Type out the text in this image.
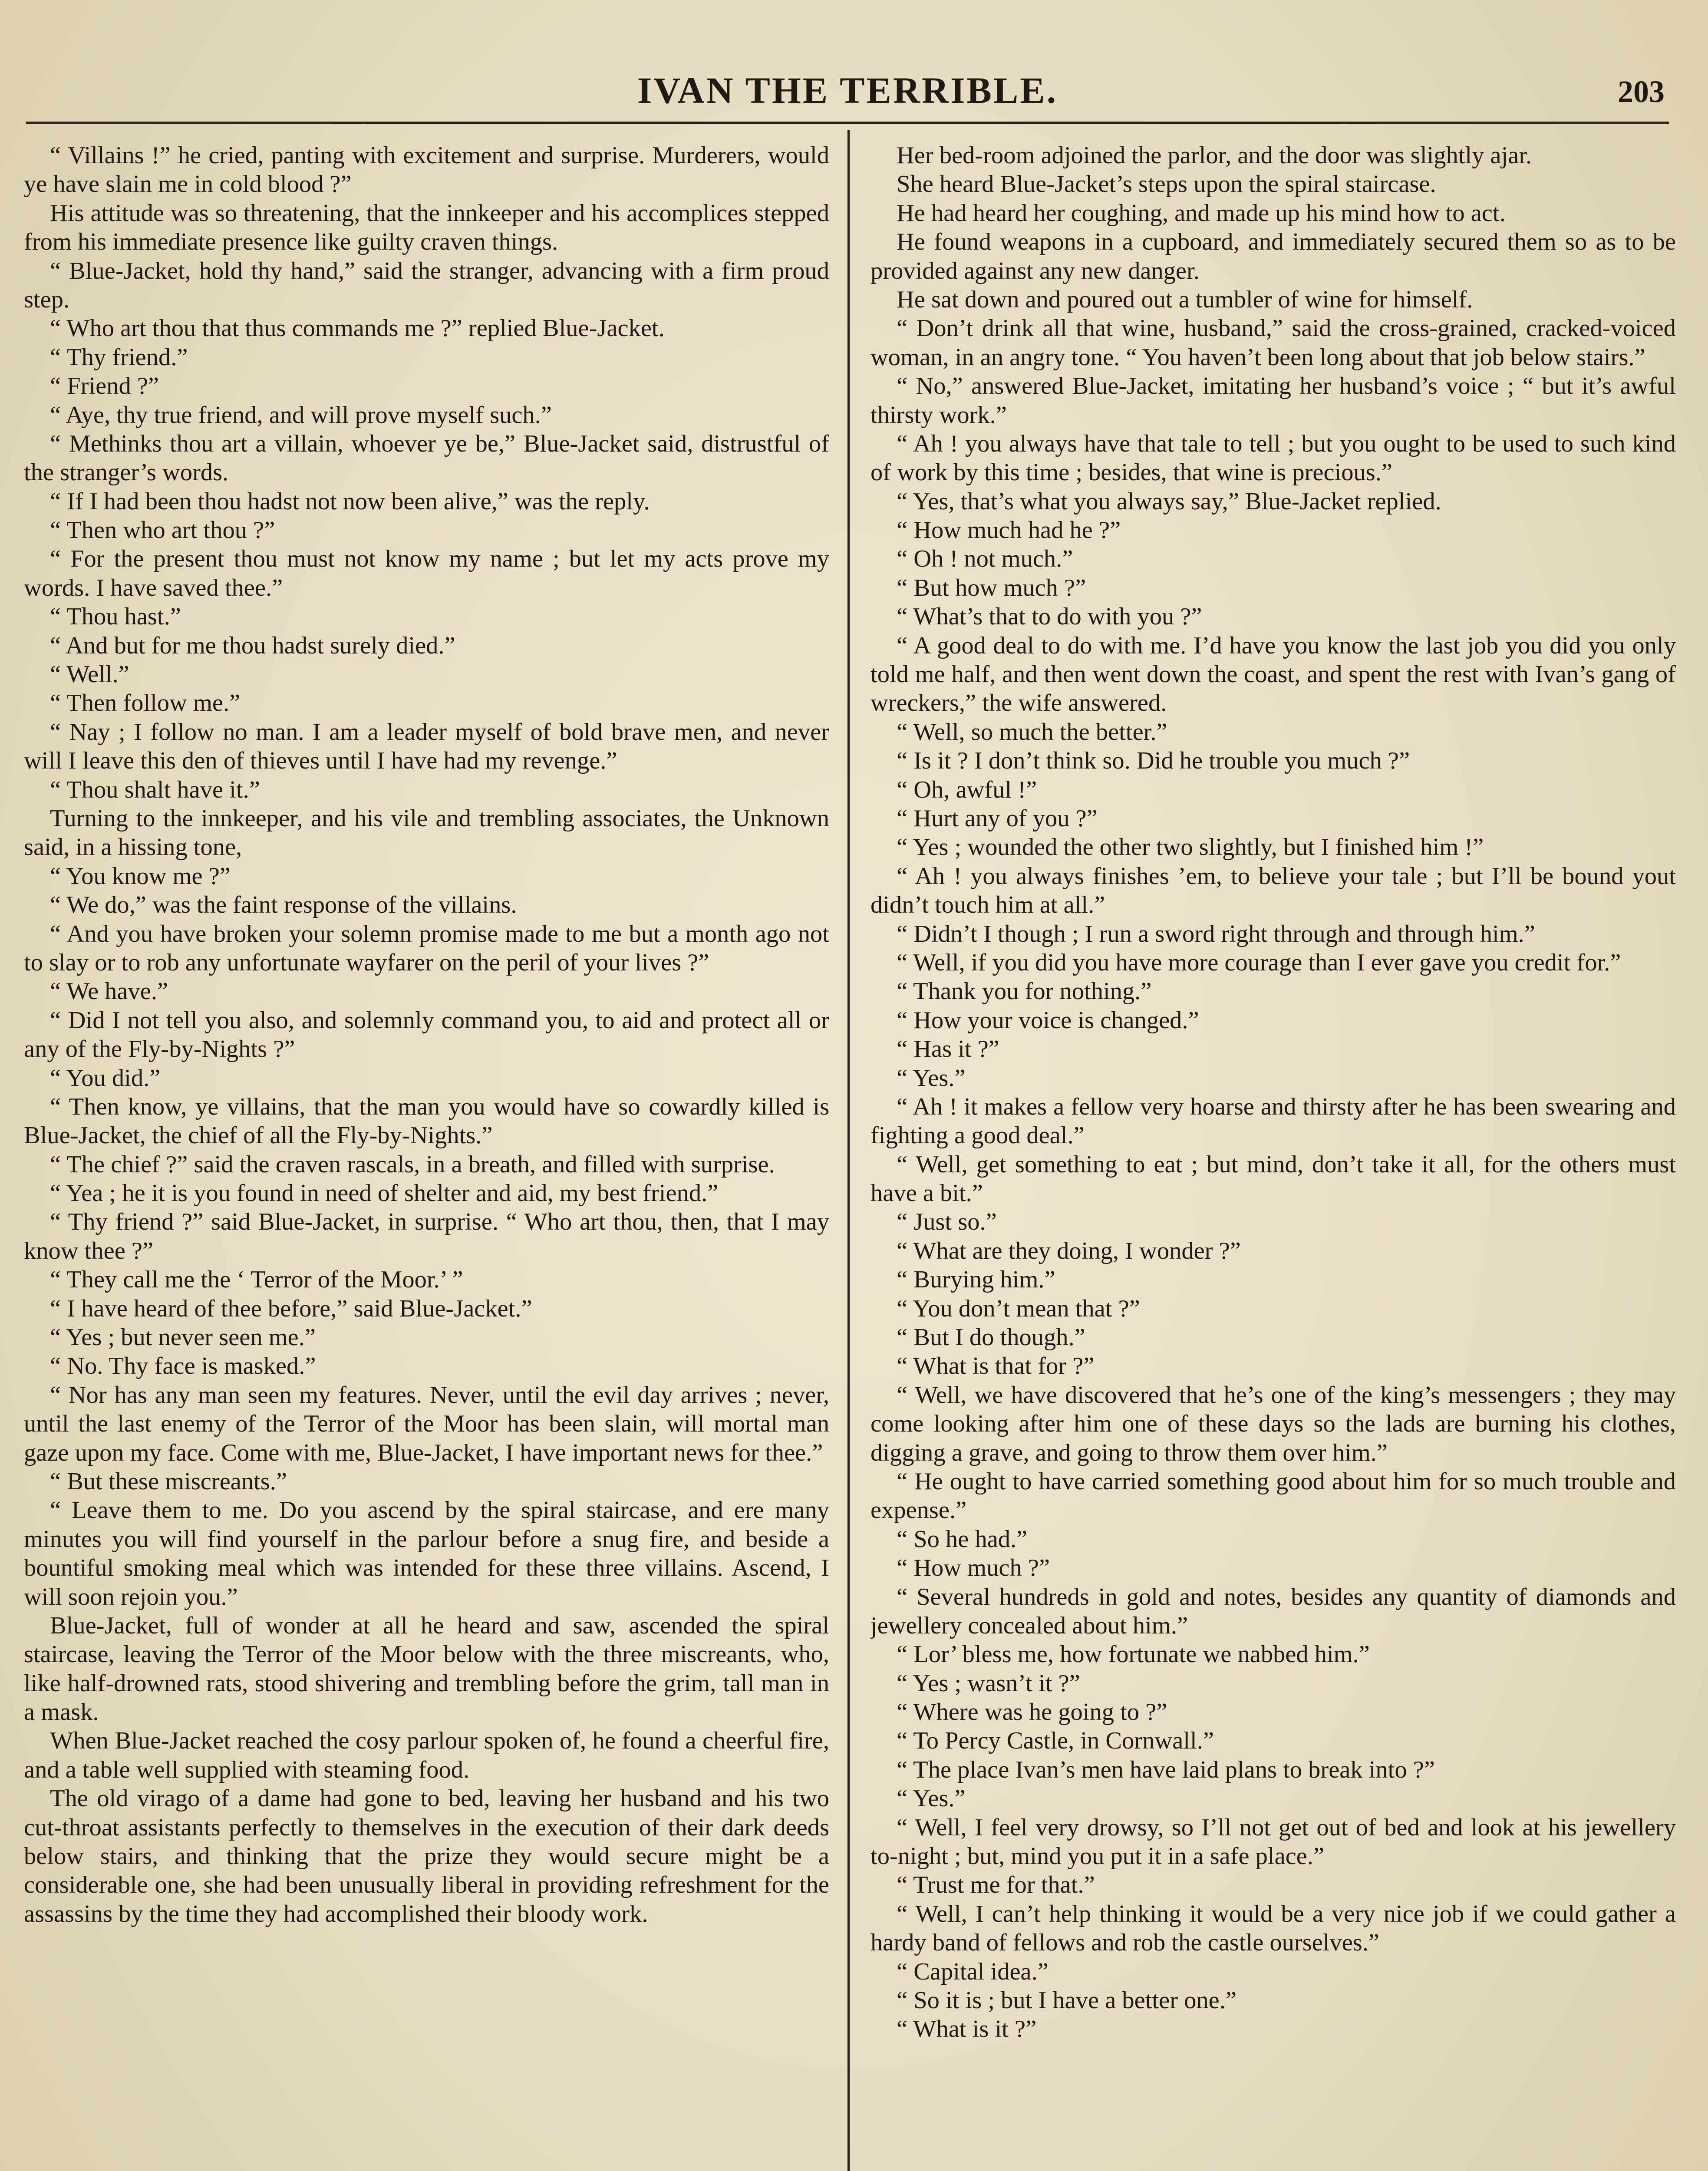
IVAN THE TERRIBLE.	203

“ Villains !” he cried, panting with excitement and surprise. Murderers, would ye have slain me in cold blood ?”

His attitude was so threatening, that the innkeeper and his accomplices stepped from his immediate presence like guilty craven things.

“ Blue-Jacket, hold thy hand,” said the stranger, advancing with a firm proud step.

“ Who art thou that thus commands me ?” replied Blue-Jacket.

“ Thy friend.”

“ Friend ?”

“ Aye, thy true friend, and will prove myself such.”

“ Methinks thou art a villain, whoever ye be,” Blue-Jacket said, distrustful of the stranger’s words.

“ If I had been thou hadst not now been alive,” was the reply.

“ Then who art thou ?”

“ For the present thou must not know my name ; but let my acts prove my words. I have saved thee.”

“ Thou hast.”

“ And but for me thou hadst surely died.”

“ Well.”

“ Then follow me.”

“ Nay ; I follow no man. I am a leader myself of bold brave men, and never will I leave this den of thieves until I have had my revenge.”

“ Thou shalt have it.”

Turning to the innkeeper, and his vile and trembling associates, the Unknown said, in a hissing tone,

“ You know me ?”

“ We do,” was the faint response of the villains.

“ And you have broken your solemn promise made to me but a month ago not to slay or to rob any unfortunate wayfarer on the peril of your lives ?”

“ We have.”

“ Did I not tell you also, and solemnly command you, to aid and protect all or any of the Fly-by-Nights ?”

“ You did.”

“ Then know, ye villains, that the man you would have so cowardly killed is Blue-Jacket, the chief of all the Fly-by-Nights.”

“ The chief ?” said the craven rascals, in a breath, and filled with surprise.

“ Yea ; he it is you found in need of shelter and aid, my best friend.”

“ Thy friend ?” said Blue-Jacket, in surprise. “ Who art thou, then, that I may know thee ?”

“ They call me the ‘ Terror of the Moor.’ ”

“ I have heard of thee before,” said Blue-Jacket.”

“ Yes ; but never seen me.”

“ No. Thy face is masked.”

“ Nor has any man seen my features. Never, until the evil day arrives ; never, until the last enemy of the Terror of the Moor has been slain, will mortal man gaze upon my face. Come with me, Blue-Jacket, I have important news for thee.”

“ But these miscreants.”

“ Leave them to me. Do you ascend by the spiral staircase, and ere many minutes you will find yourself in the parlour before a snug fire, and beside a bountiful smoking meal which was intended for these three villains. Ascend, I will soon rejoin you.”

Blue-Jacket, full of wonder at all he heard and saw, ascended the spiral staircase, leaving the Terror of the Moor below with the three miscreants, who, like half-drowned rats, stood shivering and trembling before the grim, tall man in a mask.

When Blue-Jacket reached the cosy parlour spoken of, he found a cheerful fire, and a table well supplied with steaming food.

The old virago of a dame had gone to bed, leaving her husband and his two cut-throat assistants perfectly to themselves in the execution of their dark deeds below stairs, and thinking that the prize they would secure might be a considerable one, she had been unusually liberal in providing refreshment for the assassins by the time they had accomplished their bloody work.

Her bed-room adjoined the parlor, and the door was slightly ajar.

She heard Blue-Jacket’s steps upon the spiral staircase.

He had heard her coughing, and made up his mind how to act.

He found weapons in a cupboard, and immediately secured them so as to be provided against any new danger.

He sat down and poured out a tumbler of wine for himself.

“ Don’t drink all that wine, husband,” said the cross-grained, cracked-voiced woman, in an angry tone. “ You haven’t been long about that job below stairs.”

“ No,” answered Blue-Jacket, imitating her husband’s voice ; “ but it’s awful thirsty work.”

“ Ah ! you always have that tale to tell ; but you ought to be used to such kind of work by this time ; besides, that wine is precious.”

“ Yes, that’s what you always say,” Blue-Jacket replied.

“ How much had he ?”

“ Oh ! not much.”

“ But how much ?”

“ What’s that to do with you ?”

“ A good deal to do with me. I’d have you know the last job you did you only told me half, and then went down the coast, and spent the rest with Ivan’s gang of wreckers,” the wife answered.

“ Well, so much the better.”

“ Is it ? I don’t think so. Did he trouble you much ?”

“ Oh, awful !”

“ Hurt any of you ?”

“ Yes ; wounded the other two slightly, but I finished him !”

“ Ah ! you always finishes ’em, to believe your tale ; but I’ll be bound yout didn’t touch him at all.”

“ Didn’t I though ; I run a sword right through and through him.”

“ Well, if you did you have more courage than I ever gave you credit for.”

“ Thank you for nothing.”

“ How your voice is changed.”

“ Has it ?”

“ Yes.”

“ Ah ! it makes a fellow very hoarse and thirsty after he has been swearing and fighting a good deal.”

“ Well, get something to eat ; but mind, don’t take it all, for the others must have a bit.”

“ Just so.”

“ What are they doing, I wonder ?”

“ Burying him.”

“ You don’t mean that ?”

“ But I do though.”

“ What is that for ?”

“ Well, we have discovered that he’s one of the king’s messengers ; they may come looking after him one of these days so the lads are burning his clothes, digging a grave, and going to throw them over him.”

“ He ought to have carried something good about him for so much trouble and expense.”

“ So he had.”

“ How much ?”

“ Several hundreds in gold and notes, besides any quantity of diamonds and jewellery concealed about him.”

“ Lor’ bless me, how fortunate we nabbed him.”

“ Yes ; wasn’t it ?”

“ Where was he going to ?”

“ To Percy Castle, in Cornwall.”

“ The place Ivan’s men have laid plans to break into ?”

“ Yes.”

“ Well, I feel very drowsy, so I’ll not get out of bed and look at his jewellery to-night ; but, mind you put it in a safe place.”

“ Trust me for that.”

“ Well, I can’t help thinking it would be a very nice job if we could gather a hardy band of fellows and rob the castle ourselves.”

“ Capital idea.”

“ So it is ; but I have a better one.”

“ What is it ?”
